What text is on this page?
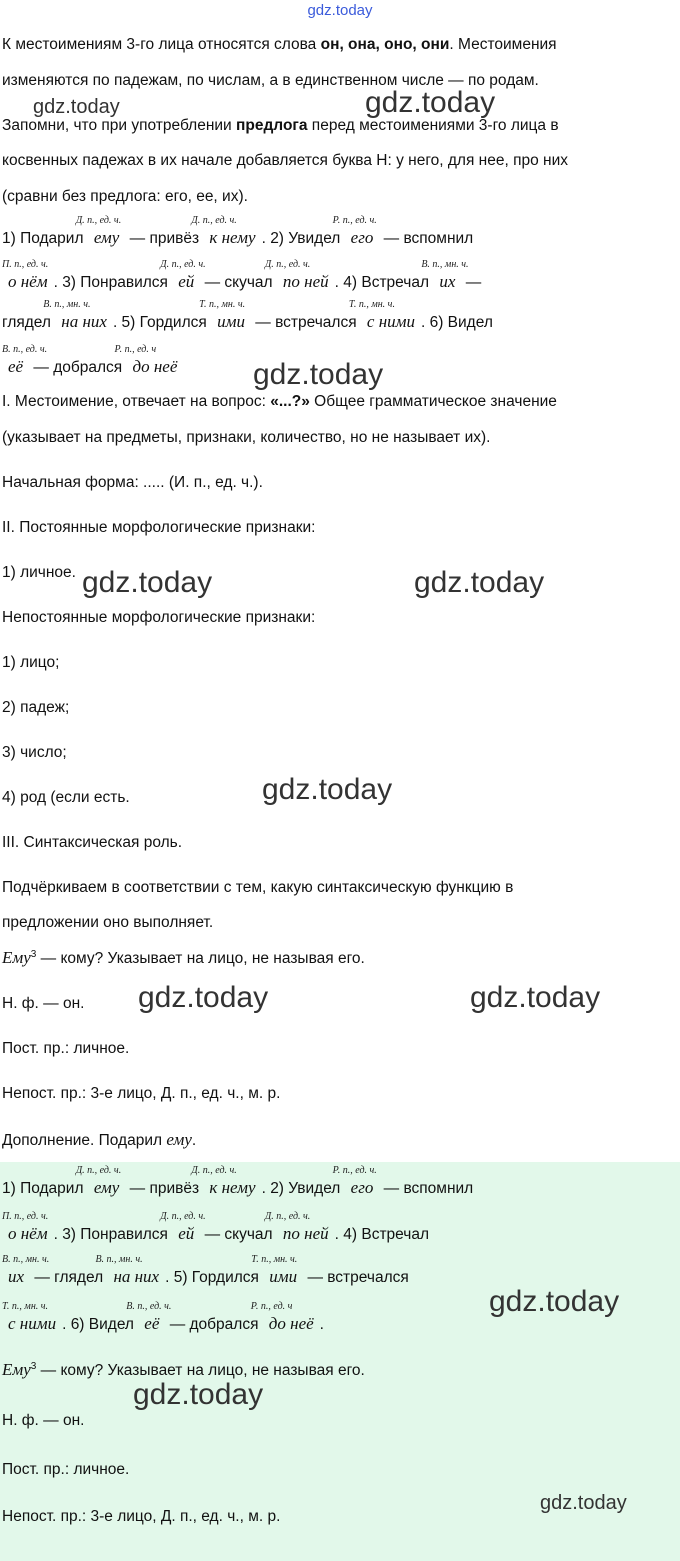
gdz.today
К местоимениям 3-го лица относятся слова он, она, оно, они. Местоимения
изменяются по падежам, по числам, а в единственном числе — по родам.
Запомни, что при употреблении предлога перед местоимениями 3-го лица в
косвенных падежах в их начале добавляется буква Н: у него, для нее, про них
(сравни без предлога: его, ее, их).
1) Подарил
Д. п., ед. ч.
ему — привёз
Д. п., ед. ч.
к нему . 2) Увидел
Р. п., ед. ч.
его — вспомнил
П. п., ед. ч.
о нём . 3) Понравился
Д. п., ед. ч.
ей — скучал
Д. п., ед. ч.
по ней . 4) Встречал
В. п., мн. ч.
их —
глядел
В. п., мн. ч.
на них . 5) Гордился
Т. п., мн. ч.
ими — встречался
Т. п., мн. ч.
с ними . 6) Видел
В. п., ед. ч.
её — добрался
Р. п., ед. ч
до неё
I. Местоимение, отвечает на вопрос: «...?» Общее грамматическое значение
(указывает на предметы, признаки, количество, но не называет их).
Начальная форма: ..... (И. п., ед. ч.).
II. Постоянные морфологические признаки:
1) личное.
Непостоянные морфологические признаки:
1) лицо;
2) падеж;
3) число;
4) род (если есть.
III. Синтаксическая роль.
Подчёркиваем в соответствии с тем, какую синтаксическую функцию в
предложении оно выполняет.
Ему$^3$ — кому? Указывает на лицо, не называя его.
Н. ф. — он.
Пост. пр.: личное.
Непост. пр.: 3-е лицо, Д. п., ед. ч., м. р.
Дополнение. Подарил ему.
1) Подарил
Д. п., ед. ч.
ему — привёз
Д. п., ед. ч.
к нему . 2) Увидел
Р. п., ед. ч.
его — вспомнил
П. п., ед. ч.
о нём . 3) Понравился
Д. п., ед. ч.
ей — скучал
Д. п., ед. ч.
по ней . 4) Встречал
В. п., мн. ч.
их — глядел
В. п., мн. ч.
на них . 5) Гордился
Т. п., мн. ч.
ими — встречался
Т. п., мн. ч.
с ними . 6) Видел
В. п., ед. ч.
её — добрался
Р. п., ед. ч
до неё .
Ему$^3$ — кому? Указывает на лицо, не называя его.
Н. ф. — он.
Пост. пр.: личное.
Непост. пр.: 3-е лицо, Д. п., ед. ч., м. р.
gdz.today	gdz.today
gdz.today
gdz.today	gdz.today
gdz.today
gdz.today	gdz.today
gdz.today
gdz.today
gdz.today
